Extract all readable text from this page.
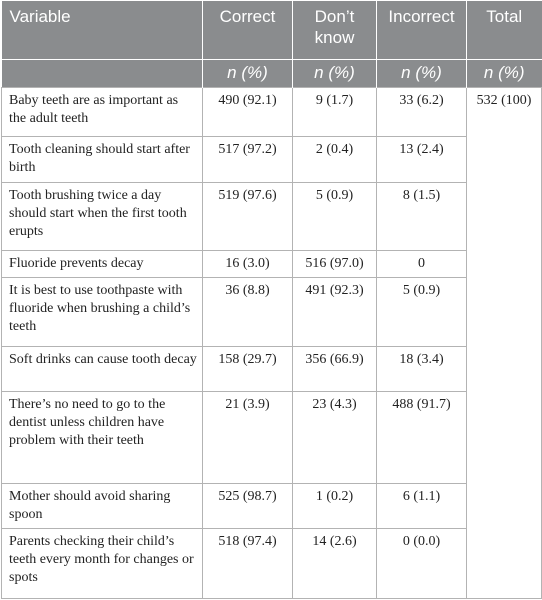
Variable	Correct	Don’t know	Incorrect	Total
	n (%)	n (%)	n (%)	n (%)
Baby teeth are as important as the adult teeth	490 (92.1)	9 (1.7)	33 (6.2)	532 (100)
Tooth cleaning should start after birth	517 (97.2)	2 (0.4)	13 (2.4)	
Tooth brushing twice a day should start when the first tooth erupts	519 (97.6)	5 (0.9)	8 (1.5)	
Fluoride prevents decay	16 (3.0)	516 (97.0)	0	
It is best to use toothpaste with fluoride when brushing a child’s teeth	36 (8.8)	491 (92.3)	5 (0.9)	
Soft drinks can cause tooth decay	158 (29.7)	356 (66.9)	18 (3.4)	
There’s no need to go to the dentist unless children have problem with their teeth	21 (3.9)	23 (4.3)	488 (91.7)	
Mother should avoid sharing spoon	525 (98.7)	1 (0.2)	6 (1.1)	
Parents checking their child’s teeth every month for changes or spots	518 (97.4)	14 (2.6)	0 (0.0)	
